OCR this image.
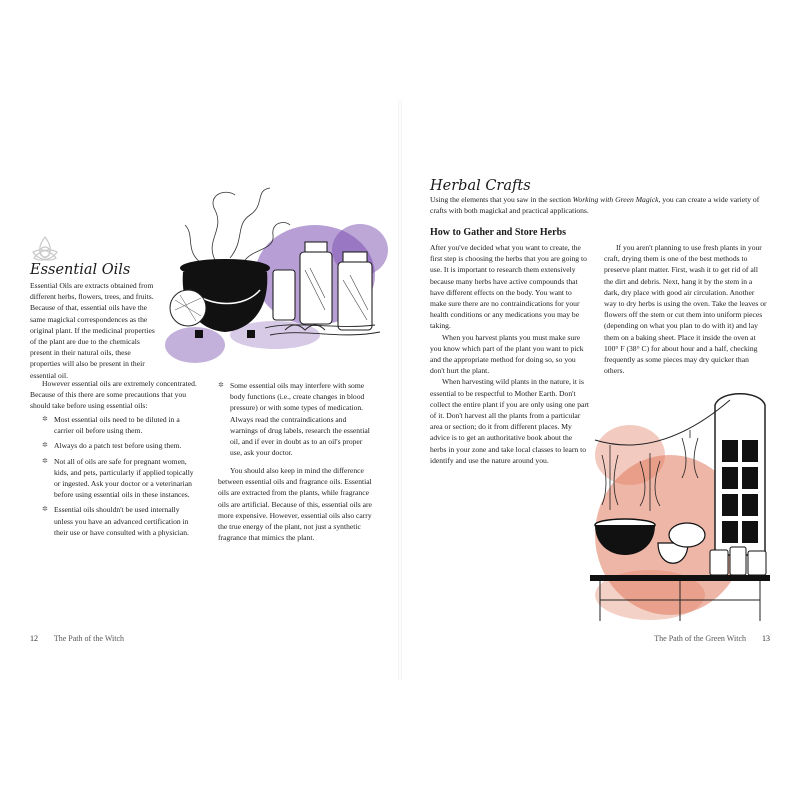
Essential Oils

Essential Oils are extracts obtained from different herbs, flowers, trees, and fruits. Because of that, essential oils have the same magickal correspondences as the original plant. If the medicinal properties of the plant are due to the chemicals present in their natural oils, these properties will also be present in their essential oil.

However essential oils are extremely concentrated. Because of this there are some precautions that you should take before using essential oils:

✲ Most essential oils need to be diluted in a carrier oil before using them.
✲ Always do a patch test before using them.
✲ Not all of oils are safe for pregnant women, kids, and pets, particularly if applied topically or ingested. Ask your doctor or a veterinarian before using essential oils in these instances.
✲ Essential oils shouldn't be used internally unless you have an advanced certification in their use or have consulted with a physician.
✲ Some essential oils may interfere with some body functions (i.e., create changes in blood pressure) or with some types of medication. Always read the contraindications and warnings of drug labels, research the essential oil, and if ever in doubt as to an oil's proper use, ask your doctor.

You should also keep in mind the difference between essential oils and fragrance oils. Essential oils are extracted from the plants, while fragrance oils are artificial. Because of this, essential oils are more expensive. However, essential oils also carry the true energy of the plant, not just a synthetic fragrance that mimics the plant.

12 The Path of the Witch
Herbal Crafts

Using the elements that you saw in the section Working with Green Magick, you can create a wide variety of crafts with both magickal and practical applications.

How to Gather and Store Herbs

After you've decided what you want to create, the first step is choosing the herbs that you are going to use. It is important to research them extensively because many herbs have active compounds that have different effects on the body. You want to make sure there are no contraindications for your health conditions or any medications you may be taking.

When you harvest plants you must make sure you know which part of the plant you want to pick and the appropriate method for doing so, so you don't hurt the plant.

When harvesting wild plants in the nature, it is essential to be respectful to Mother Earth. Don't collect the entire plant if you are only using one part of it. Don't harvest all the plants from a particular area or section; do it from different places. My advice is to get an authoritative book about the herbs in your zone and take local classes to learn to identify and use the nature around you.

If you aren't planning to use fresh plants in your craft, drying them is one of the best methods to preserve plant matter. First, wash it to get rid of all the dirt and debris. Next, hang it by the stem in a dark, dry place with good air circulation. Another way to dry herbs is using the oven. Take the leaves or flowers off the stem or cut them into uniform pieces (depending on what you plan to do with it) and lay them on a baking sheet. Place it inside the oven at 100° F (38° C) for about hour and a half, checking frequently as some pieces may dry quicker than others.

The Path of the Green Witch 13
